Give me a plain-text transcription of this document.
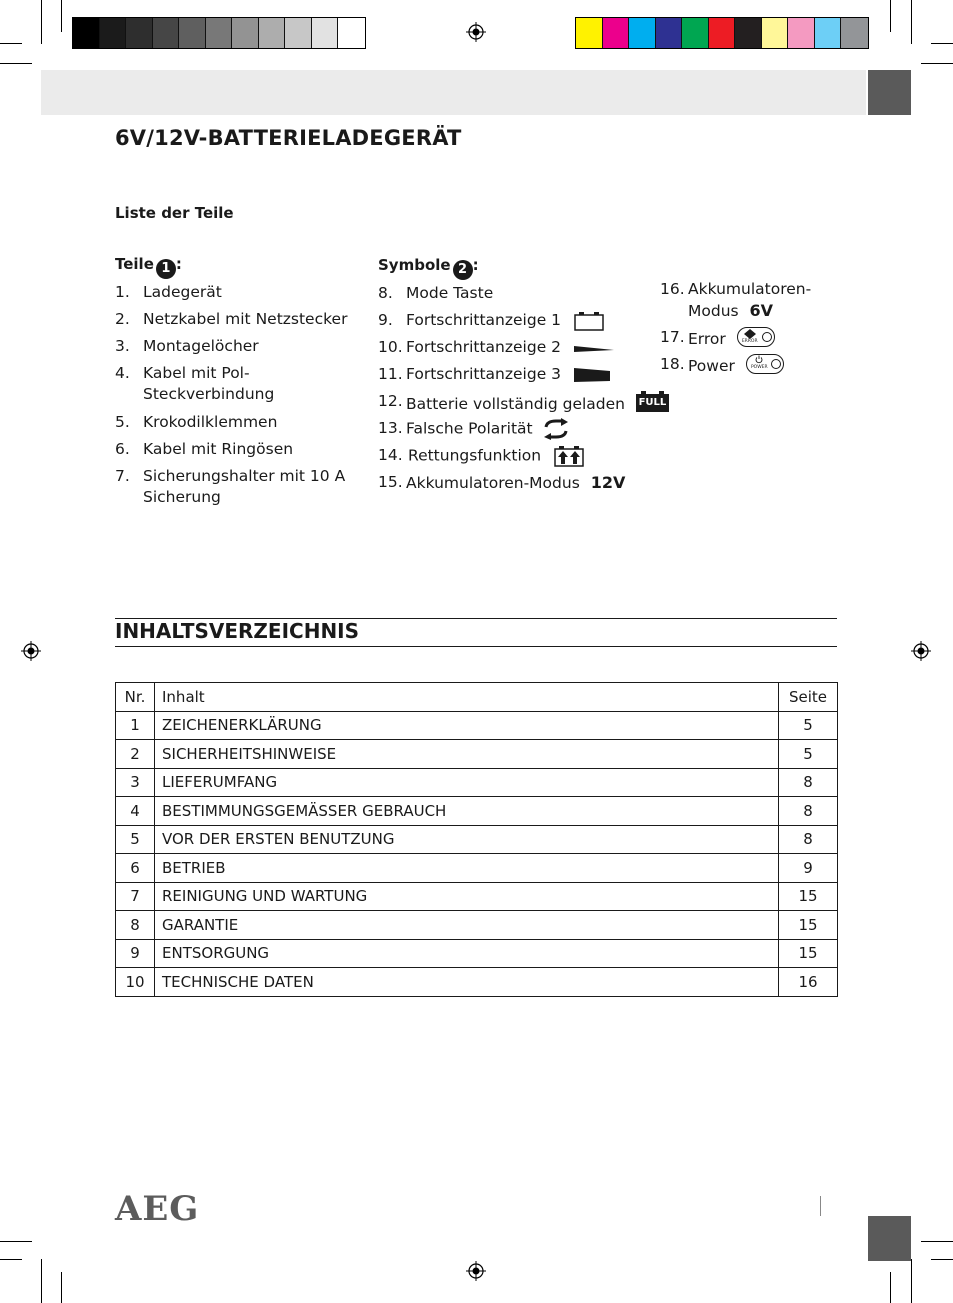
6V/12V-BATTERIELADEGERÄT
Liste der Teile
Teile 1 :
1. Ladegerät
2. Netzkabel mit Netzstecker
3. Montagelöcher
4. Kabel mit Pol-
Steckverbindung
5. Krokodilklemmen
6. Kabel mit Ringösen
7. Sicherungshalter mit 10 A
Sicherung
Symbole 2 :
8. Mode Taste
9. Fortschrittanzeige 1
10. Fortschrittanzeige 2
11. Fortschrittanzeige 3
12. Batterie vollständig geladen FULL
13. Falsche Polarität
14. Rettungsfunktion
15. Akkumulatoren-Modus 12V
16. Akkumulatoren-
Modus 6V
17. Error	ERROR
18. Power	POWER
INHALTSVERZEICHNIS
Nr.	Inhalt	Seite
1	ZEICHENERKLÄRUNG	5
2	SICHERHEITSHINWEISE	5
3	LIEFERUMFANG	8
4	BESTIMMUNGSGEMÄSSER GEBRAUCH	8
5	VOR DER ERSTEN BENUTZUNG	8
6	BETRIEB	9
7	REINIGUNG UND WARTUNG	15
8	GARANTIE	15
9	ENTSORGUNG	15
10	TECHNISCHE DATEN	16
AEG
